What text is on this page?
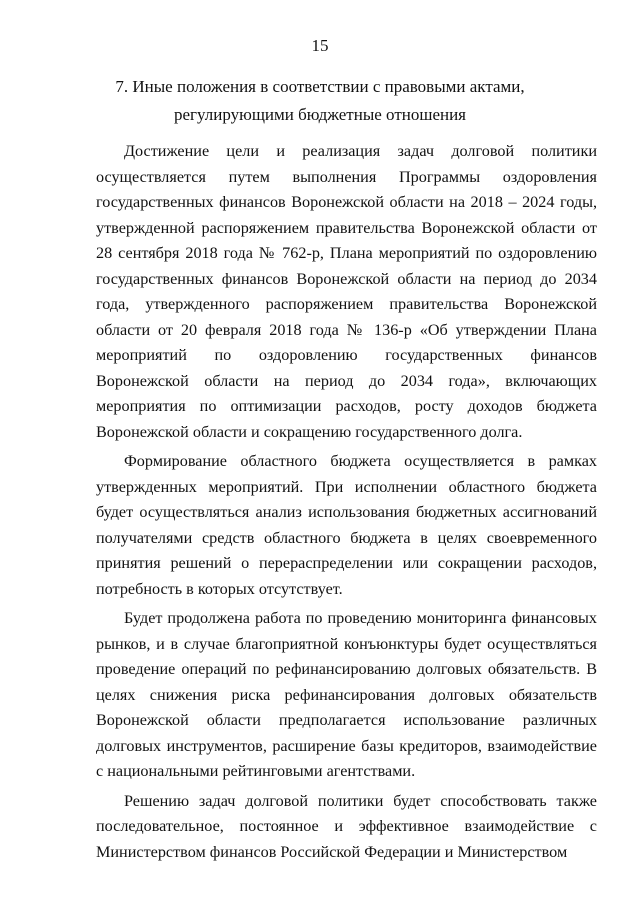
15
7. Иные положения в соответствии с правовыми актами,
регулирующими бюджетные отношения

Достижение цели и реализация задач долговой политики осуществляется путем выполнения Программы оздоровления государственных финансов Воронежской области на 2018 – 2024 годы, утвержденной распоряжением правительства Воронежской области от 28 сентября 2018 года № 762-р, Плана мероприятий по оздоровлению государственных финансов Воронежской области на период до 2034 года, утвержденного распоряжением правительства Воронежской области от 20 февраля 2018 года № 136-р «Об утверждении Плана мероприятий по оздоровлению государственных финансов Воронежской области на период до 2034 года», включающих мероприятия по оптимизации расходов, росту доходов бюджета Воронежской области и сокращению государственного долга.

Формирование областного бюджета осуществляется в рамках утвержденных мероприятий. При исполнении областного бюджета будет осуществляться анализ использования бюджетных ассигнований получателями средств областного бюджета в целях своевременного принятия решений о перераспределении или сокращении расходов, потребность в которых отсутствует.

Будет продолжена работа по проведению мониторинга финансовых рынков, и в случае благоприятной конъюнктуры будет осуществляться проведение операций по рефинансированию долговых обязательств. В целях снижения риска рефинансирования долговых обязательств Воронежской области предполагается использование различных долговых инструментов, расширение базы кредиторов, взаимодействие с национальными рейтинговыми агентствами.

Решению задач долговой политики будет способствовать также последовательное, постоянное и эффективное взаимодействие с Министерством финансов Российской Федерации и Министерством
